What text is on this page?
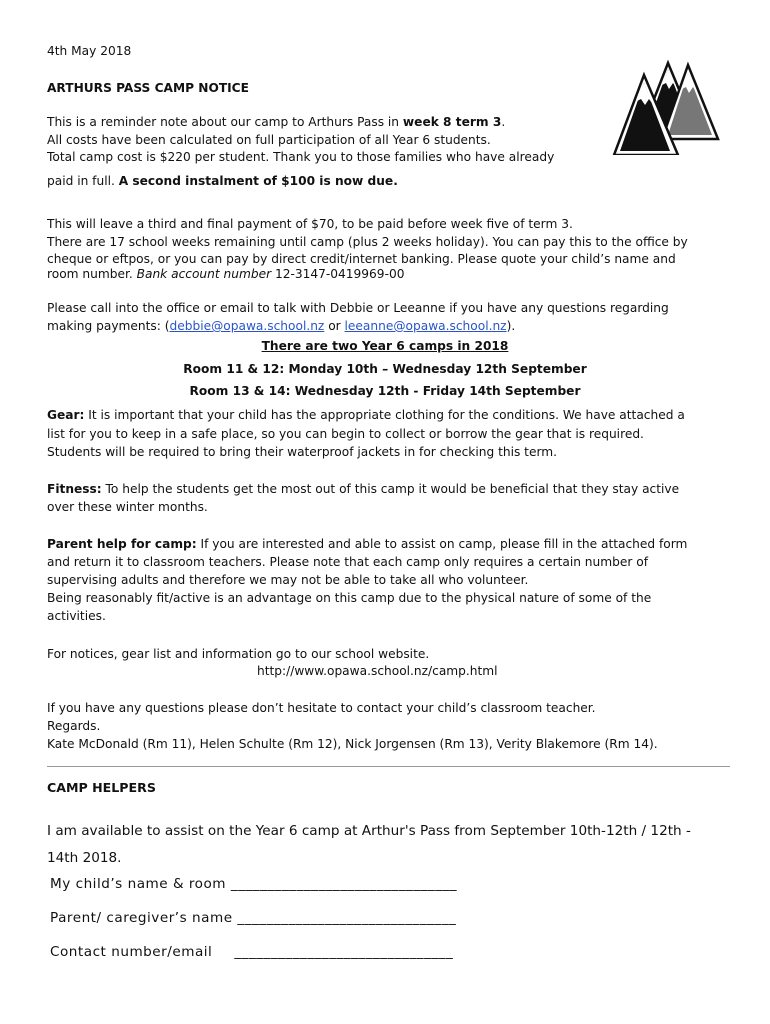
4th May 2018

ARTHURS PASS CAMP NOTICE

This is a reminder note about our camp to Arthurs Pass in week 8 term 3.

All costs have been calculated on full participation of all Year 6 students.

Total camp cost is $220 per student. Thank you to those families who have already

paid in full. A second instalment of $100 is now due.

This will leave a third and final payment of $70, to be paid before week five of term 3.

There are 17 school weeks remaining until camp (plus 2 weeks holiday). You can pay this to the office by

cheque or eftpos, or you can pay by direct credit/internet banking. Please quote your child’s name and

room number. Bank account number 12-3147-0419969-00

Please call into the office or email to talk with Debbie or Leeanne if you have any questions regarding

making payments: (debbie@opawa.school.nz or leeanne@opawa.school.nz).

There are two Year 6 camps in 2018

Room 11 & 12: Monday 10th – Wednesday 12th September

Room 13 & 14: Wednesday 12th - Friday 14th September

Gear: It is important that your child has the appropriate clothing for the conditions. We have attached a

list for you to keep in a safe place, so you can begin to collect or borrow the gear that is required.

Students will be required to bring their waterproof jackets in for checking this term.

Fitness: To help the students get the most out of this camp it would be beneficial that they stay active

over these winter months.

Parent help for camp: If you are interested and able to assist on camp, please fill in the attached form

and return it to classroom teachers. Please note that each camp only requires a certain number of

supervising adults and therefore we may not be able to take all who volunteer.

Being reasonably fit/active is an advantage on this camp due to the physical nature of some of the

activities.

For notices, gear list and information go to our school website.

http://www.opawa.school.nz/camp.html

If you have any questions please don’t hesitate to contact your child’s classroom teacher.

Regards.

Kate McDonald (Rm 11), Helen Schulte (Rm 12), Nick Jorgensen (Rm 13), Verity Blakemore (Rm 14).

CAMP HELPERS

I am available to assist on the Year 6 camp at Arthur's Pass from September 10th-12th / 12th -

14th 2018.

My child’s name & room _______________________________

Parent/ caregiver’s name ______________________________

Contact number/email ______________________________
